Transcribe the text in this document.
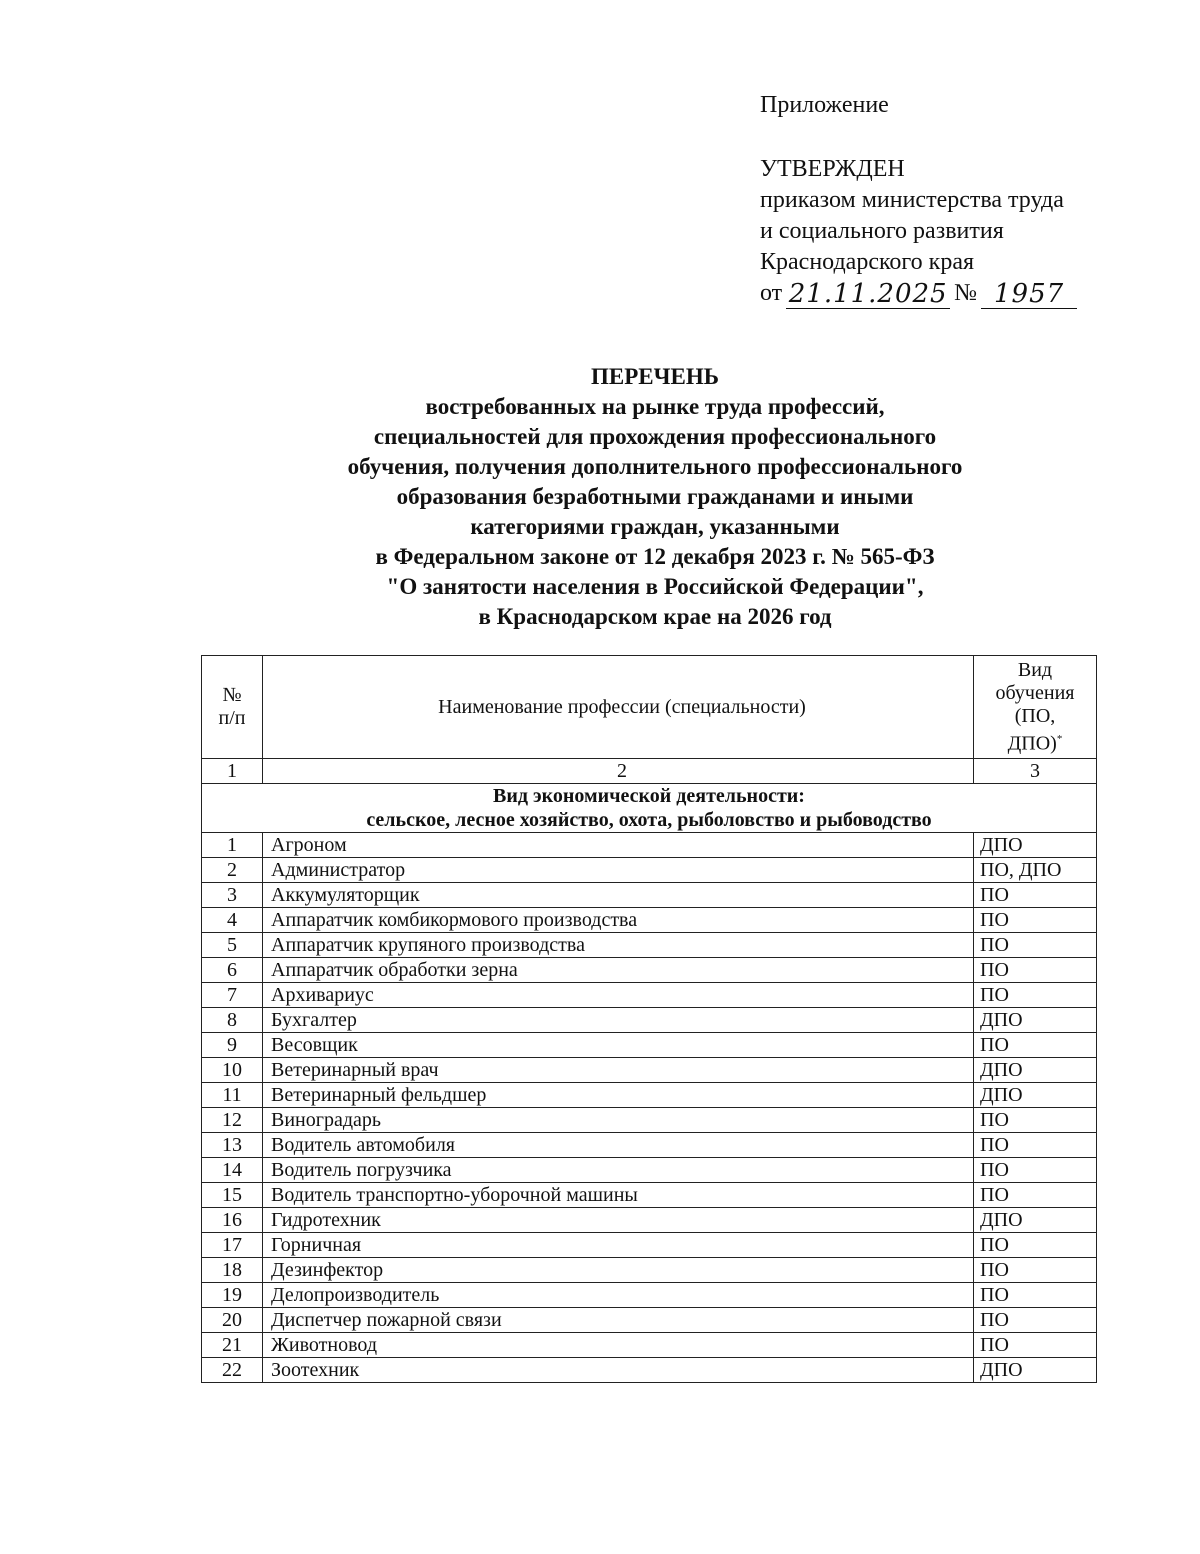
Приложение
УТВЕРЖДЕН
приказом министерства труда
и социального развития
Краснодарского края
от 21.11.2025 № 1957
ПЕРЕЧЕНЬ
востребованных на рынке труда профессий,
специальностей для прохождения профессионального
обучения, получения дополнительного профессионального
образования безработными гражданами и иными
категориями граждан, указанными
в Федеральном законе от 12 декабря 2023 г. № 565-ФЗ
"О занятости населения в Российской Федерации",
в Краснодарском крае на 2026 год
№
п/п	Наименование профессии (специальности)	Вид
обучения
(ПО,
ДПО)*
1	2	3
Вид экономической деятельности:
сельское, лесное хозяйство, охота, рыболовство и рыбоводство		
1	Агроном	ДПО
2	Администратор	ПО, ДПО
3	Аккумуляторщик	ПО
4	Аппаратчик комбикормового производства	ПО
5	Аппаратчик крупяного производства	ПО
6	Аппаратчик обработки зерна	ПО
7	Архивариус	ПО
8	Бухгалтер	ДПО
9	Весовщик	ПО
10	Ветеринарный врач	ДПО
11	Ветеринарный фельдшер	ДПО
12	Виноградарь	ПО
13	Водитель автомобиля	ПО
14	Водитель погрузчика	ПО
15	Водитель транспортно-уборочной машины	ПО
16	Гидротехник	ДПО
17	Горничная	ПО
18	Дезинфектор	ПО
19	Делопроизводитель	ПО
20	Диспетчер пожарной связи	ПО
21	Животновод	ПО
22	Зоотехник	ДПО
